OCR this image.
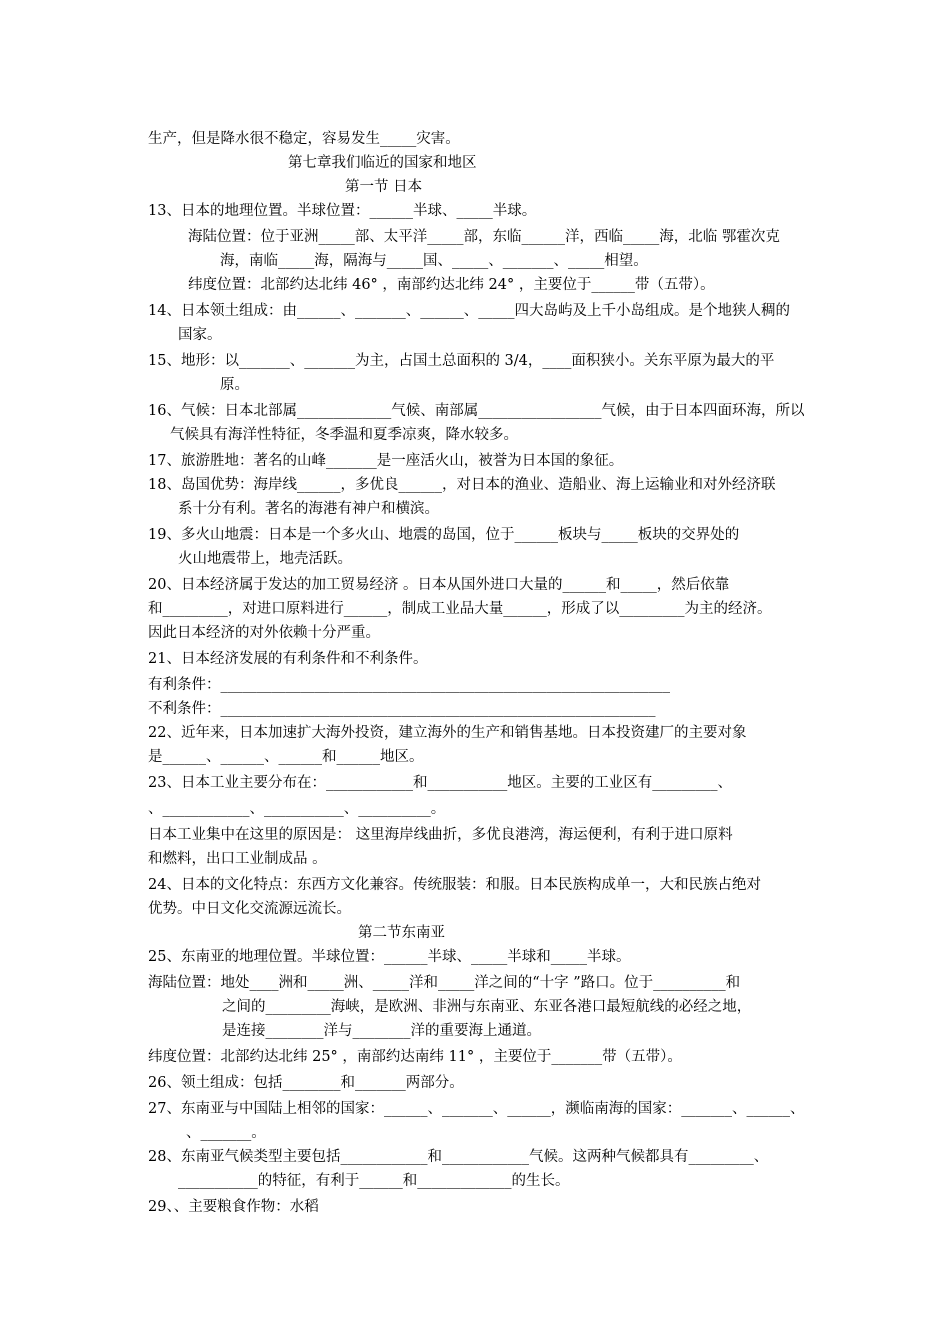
生产，但是降水很不稳定，容易发生_____灾害。
第七章我们临近的国家和地区
第一节 日本
13、日本的地理位置。半球位置：______半球、_____半球。
海陆位置：位于亚洲_____部、太平洋_____部，东临______洋，西临_____海，北临 鄂霍次克
海，南临_____海，隔海与_____国、_____、_______、_____相望。
纬度位置：北部约达北纬 46° ，南部约达北纬 24° ，主要位于______带（五带）。
14、日本领土组成：由______、_______、______、_____四大岛屿及上千小岛组成。是个地狭人稠的
国家。
15、地形：以_______、_______为主，占国土总面积的 3/4，____面积狭小。关东平原为最大的平
原。
16、气候：日本北部属_____________气候、南部属_________________气候，由于日本四面环海，所以
气候具有海洋性特征，冬季温和夏季凉爽，降水较多。
17、旅游胜地：著名的山峰_______是一座活火山，被誉为日本国的象征。
18、岛国优势：海岸线______，多优良______，对日本的渔业、造船业、海上运输业和对外经济联
系十分有利。著名的海港有神户和横滨。
19、多火山地震：日本是一个多火山、地震的岛国，位于______板块与_____板块的交界处的
火山地震带上，地壳活跃。
20、日本经济属于发达的加工贸易经济 。日本从国外进口大量的______和_____，然后依靠
和_________，对进口原料进行______，制成工业品大量______，形成了以_________为主的经济。
因此日本经济的对外依赖十分严重。
21、日本经济发展的有利条件和不利条件。
有利条件：______________________________________________________________
不利条件：____________________________________________________________
22、近年来，日本加速扩大海外投资，建立海外的生产和销售基地。日本投资建厂的主要对象
是______、______、______和______地区。
23、日本工业主要分布在：____________和___________地区。主要的工业区有_________、
、____________、___________、__________。
日本工业集中在这里的原因是： 这里海岸线曲折，多优良港湾，海运便利，有利于进口原料
和燃料，出口工业制成品 。
24、日本的文化特点：东西方文化兼容。传统服装：和服。日本民族构成单一，大和民族占绝对
优势。中日文化交流源远流长。
第二节东南亚
25、东南亚的地理位置。半球位置：______半球、_____半球和_____半球。
海陆位置：地处____洲和_____洲、_____洋和_____洋之间的“十字 ”路口。位于__________和
之间的_________海峡，是欧洲、非洲与东南亚、东亚各港口最短航线的必经之地，
是连接________洋与________洋的重要海上通道。
纬度位置：北部约达北纬 25° ，南部约达南纬 11° ，主要位于_______带（五带）。
26、领土组成：包括________和_______两部分。
27、东南亚与中国陆上相邻的国家：______、_______、______，濒临南海的国家：_______、______、
、_______。
28、东南亚气候类型主要包括____________和____________气候。这两种气候都具有_________、
___________的特征，有利于______和_____________的生长。
29、、主要粮食作物：水稻
